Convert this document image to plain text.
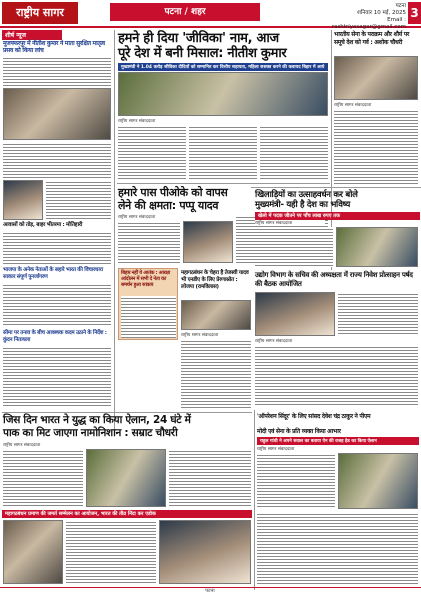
राष्ट्रीय सागर	पटना / शहर
पटना
शनिवार 10 मई, 2025
Email : rashtriyasagar@gmail.com
3
शीर्ष न्यूज
मुजफ्फरपुर में नीतीश कुमार ने माता सुरक्षित मातृत्व प्रसव को किया लांच
आवासों को तोड़, बाहर भीतरमा : मोतिहारी
भाजपा के अनेक नेताओं के सहारे भारत की विचारधारा साकार संपूर्ण पुनर्जागरण
सीमा पर तनाव के बीच आवश्यक कदम उठाने के निर्देश : कुंदन नितायला
हमने ही दिया 'जीविका' नाम, आज
पूरे देश में बनी मिसाल: नीतीश कुमार
मुख्यमंत्री ने 1.04 करोड़ जीविका दीदियों को सम्मानित कर वित्तीय सहायता, महिला सशक्त करने की कवायद बिहार में आये
राष्ट्रीय सागर संवाददाता
भारतीय सेना के पराक्रम और शौर्य पर समूचे देश को गर्व : अशोक चौधरी
राष्ट्रीय सागर संवाददाता
हमारे पास पीओके को वापस
लेने की क्षमता: पप्पू यादव
राष्ट्रीय सागर संवाददाता
खिलाड़ियों का उत्साहवर्धन कर बोले
मुख्यमंत्री- यही है देश का भविष्य
खेलो में पदक जीतने पर पाँच लाख रुपए तक
राष्ट्रीय सागर संवाददाता
बिहार नहीं ये आतंक : आरक्षा आंदोलन में सभी दे नेता का समर्थन हुआ साकार
महागठबंधन के चेहरा है तेजस्वी यादव भी एनडीए के लिए प्रेरणास्रोत : लोजपा (रामविलास)
राष्ट्रीय सागर संवाददाता
उद्योग विभाग के सचिव की अध्यक्षता में राज्य निवेश प्रोत्साहन पर्षद की बैठक आयोजित
राष्ट्रीय सागर संवाददाता
जिस दिन भारत ने युद्ध का किया ऐलान, 24 घंटे में
पाक का मिट जाएगा नामोनिशान : सम्राट चौधरी
राष्ट्रीय सागर संवाददाता
महागठबंधन प्रमाण की जमर्त सम्मेलन का आयोजन, भारत की तीव्र निंदा कर एडोक
'ऑपरेशन सिंदूर' के लिए सांसद देवेश चंद्र ठाकुर ने पीएम
मोदी एवं सेना के प्रति व्यक्त किया आभार
राहुल गांधी ने अपने सवाल का बताया ऐन की वजह हेड का किया ऐलान
राष्ट्रीय सागर संवाददाता
पटना
